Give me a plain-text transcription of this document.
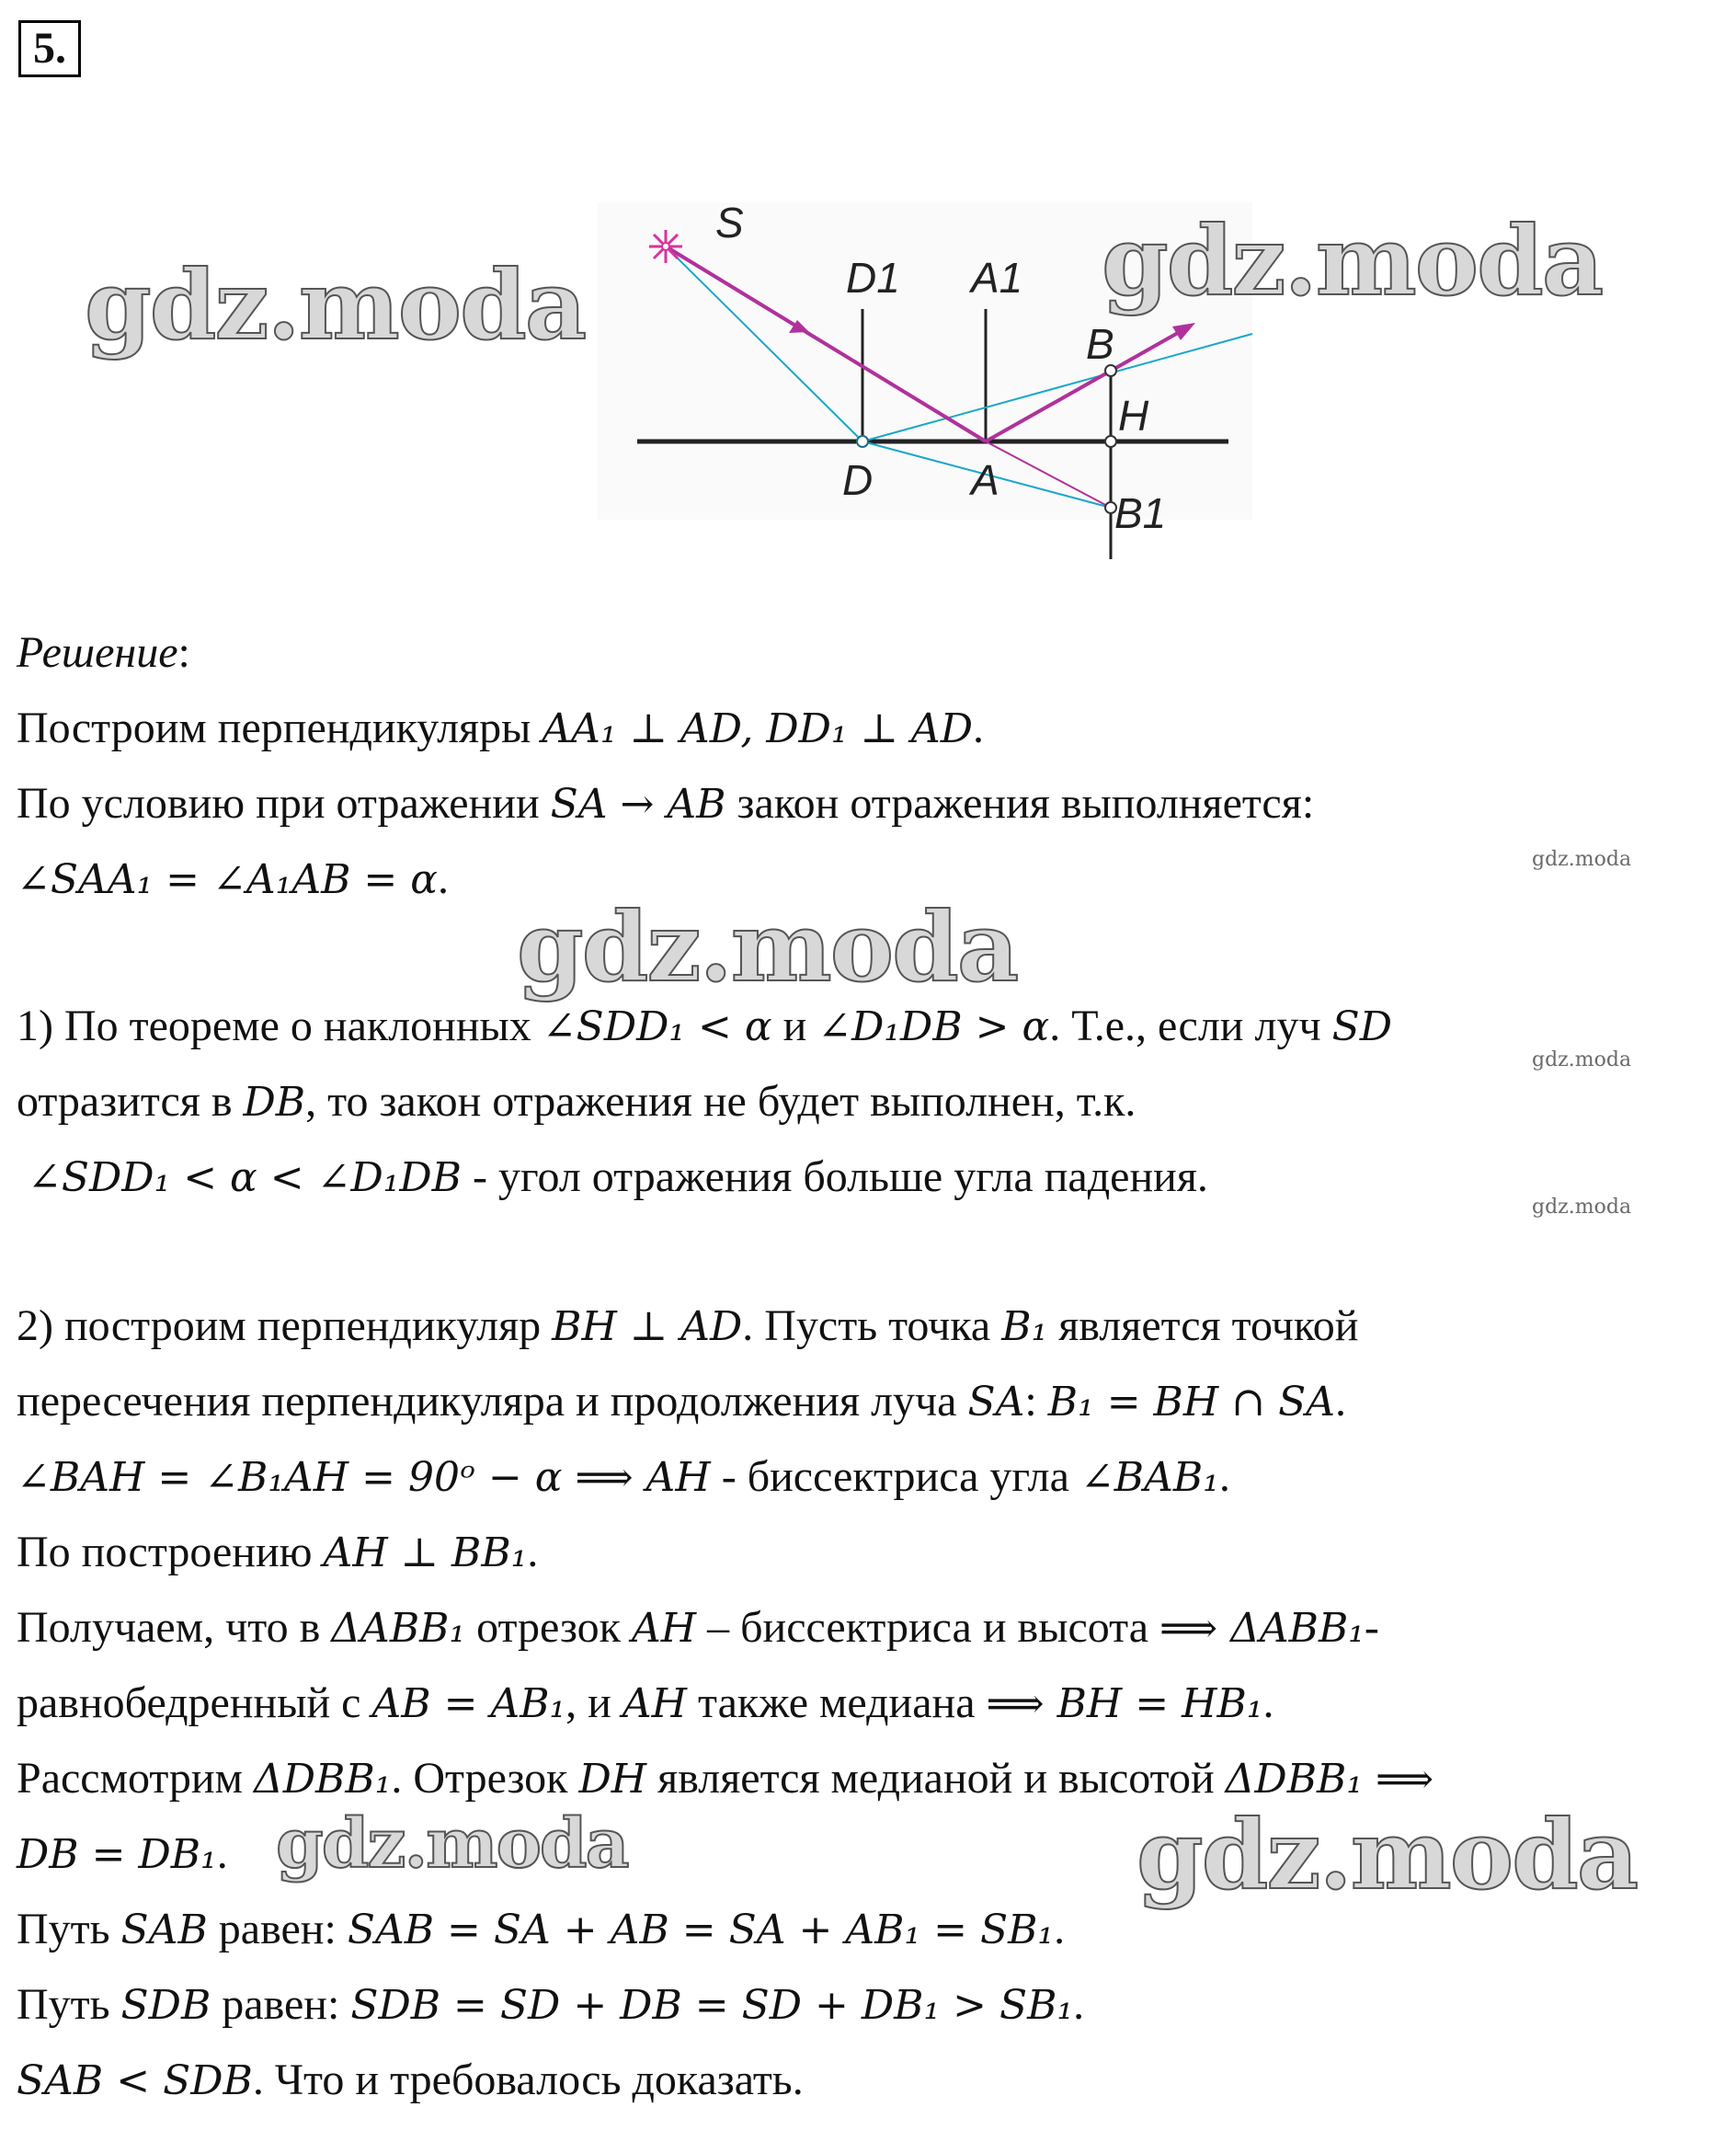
5.
S
D1 A1
B
H
D A
B1
gdz.moda	gdz.moda
gdz.moda
gdz.moda
gdz.moda
gdz.moda
gdz.moda
gdz.moda
Решение:
Построим перпендикуляры AA₁ ⊥ AD, DD₁ ⊥ AD.
По условию при отражении SA → AB закон отражения выполняется:
∠SAA₁ = ∠A₁AB = α.
1) По теореме о наклонных ∠SDD₁ < α и ∠D₁DB > α. Т.е., если луч SD
отразится в DB, то закон отражения не будет выполнен, т.к.
∠SDD₁ < α < ∠D₁DB - угол отражения больше угла падения.
2) построим перпендикуляр BH ⊥ AD. Пусть точка B₁ является точкой
пересечения перпендикуляра и продолжения луча SA: B₁ = BH ∩ SA.
∠BAH = ∠B₁AH = 90ᵒ − α ⟹ AH - биссектриса угла ∠BAB₁.
По построению AH ⊥ BB₁.
Получаем, что в ΔABB₁ отрезок AH – биссектриса и высота ⟹ ΔABB₁-
равнобедренный с AB = AB₁, и AH также медиана ⟹ BH = HB₁.
Рассмотрим ΔDBB₁. Отрезок DH является медианой и высотой ΔDBB₁ ⟹
DB = DB₁.
Путь SAB равен: SAB = SA + AB = SA + AB₁ = SB₁.
Путь SDB равен: SDB = SD + DB = SD + DB₁ > SB₁.
SAB < SDB. Что и требовалось доказать.
